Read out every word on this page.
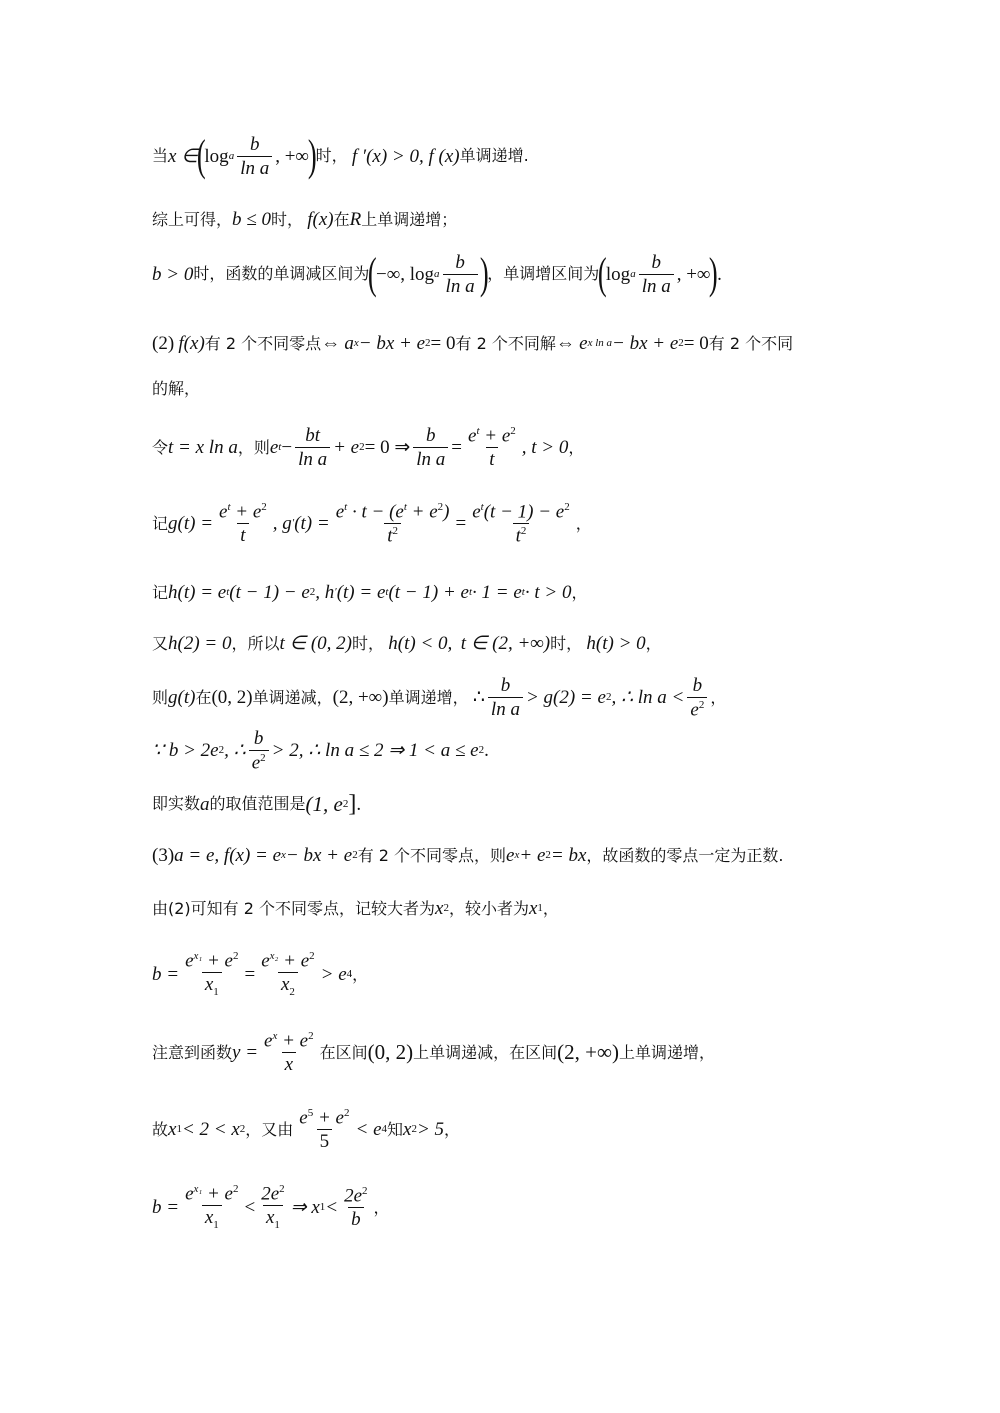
当 x ∈
(
log a $\frac{b}{\text{ln a}}$ , +∞
)
时，
f ′(x) > 0, f (x) 单调递增.
综上可得， b ≤ 0 时，
f(x) 在 R 上单调递增；
b > 0 时，函数的单调减区间为
(
−∞, log a $\frac{b}{\text{ln a}}$ )
，单调增区间为
(
log a $\frac{b}{\text{ln a}}$ , +∞
)
.
(2)
f(x) 有 2 个不同零点 ⇔
a x − bx + e 2 = 0 有 2 个不同解 ⇔
e x ln a − bx + e 2 = 0 有 2 个不同
的解，
令 t = x ln a ，则 e $t - \frac{bt}{\text{ln a}} + e$ 2 = 0 ⇒ $\frac{b}{\text{ln a}} = \frac{e^t + e^2}{t}$ , t > 0 ，
记 $g(t) = \frac{e^t + e^2}{t}$ , g ′ $(t) = \frac{e^t \cdot t - (e^t + e^2)}{t^2} = \frac{e^t(t - 1) - e^2}{t^2}$ ，
记 h(t) = e t (t − 1) − e 2 , h ′ (t) = e t (t − 1) + e t · 1 = e t · t > 0 ，
又 h(2) = 0 ，所以 t ∈ (0, 2) 时，
h(t) < 0,
t ∈ (2, +∞) 时，
h(t) > 0 ，
则 g(t) 在 (0, 2) 单调递减， (2, +∞) 单调递增，
∴ $\frac{b}{\text{ln a}} > g(2) = e$ 2 , ∴ $\ln a < \frac{b}{e^2}$ ，
∵ b > 2e 2 , ∴ $\frac{b}{e^2} > 2$, ∴ ln a ≤ 2 ⇒ 1 < a ≤ e 2 .
即实数 a 的取值范围是 (1, e 2 ] .
(3) a = e, f(x) = e x − bx + e 2 有 2 个不同零点，则 e x + e 2 = bx ，故函数的零点一定为正数.
由(2)可知有 2 个不同零点，记较大者为 x 2 ，较小者为 x 1 ，
$b = \frac{e^{x_1} + e^2}{x_1} = \frac{e^{x_2} + e^2}{x_2} > e$ 4 ，
注意到函数 $y = \frac{e^x + e^2}{x}$ 在区间 (0, 2) 上单调递减，在区间 (2, +∞) 上单调递增，
故 x 1 < 2 < x 2 ，又由 $\frac{e^5 + e^2}{5} < e$ 4 知 x 2 > 5 ，
$b = \frac{e^{x_1} + e^2}{x_1} < \frac{2e^2}{x_1}$ ⇒ x $1 < \frac{2e^2}{b}$ ，
